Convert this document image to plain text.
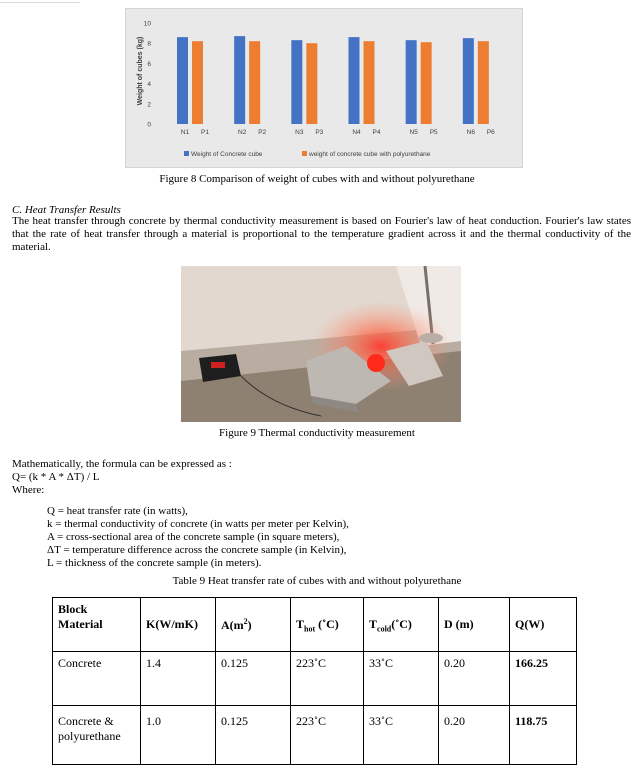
Weight of cubes (kg)
0
2
4
6
8
10
N1 P1	N2 P2	N3 P3	N4 P4	N5 P5	N6 P6
Weight of Concrete cube	weight of concrete cube with polyurethane
Figure 8 Comparison of weight of cubes with and without polyurethane
C. Heat Transfer Results
The heat transfer through concrete by thermal conductivity measurement is based on Fourier's law of heat conduction. Fourier's law states that the rate of heat transfer through a material is proportional to the temperature gradient across it and the thermal conductivity of the material.
Figure 9 Thermal conductivity measurement
Mathematically, the formula can be expressed as :
Q= (k * A * ΔT) / L
Where:
Q = heat transfer rate (in watts),
k = thermal conductivity of concrete (in watts per meter per Kelvin),
A = cross-sectional area of the concrete sample (in square meters),
ΔT = temperature difference across the concrete sample (in Kelvin),
L = thickness of the concrete sample (in meters).
Table 9 Heat transfer rate of cubes with and without polyurethane
Block
Material	K(W/mK)	$A(m^2)$	$T_{hot}$ (˚C)	$T_{cold}(˚C)$	D (m)	Q(W)
Concrete	1.4	0.125	223˚C	33˚C	0.20	166.25
Concrete & polyurethane	1.0	0.125	223˚C	33˚C	0.20	118.75
